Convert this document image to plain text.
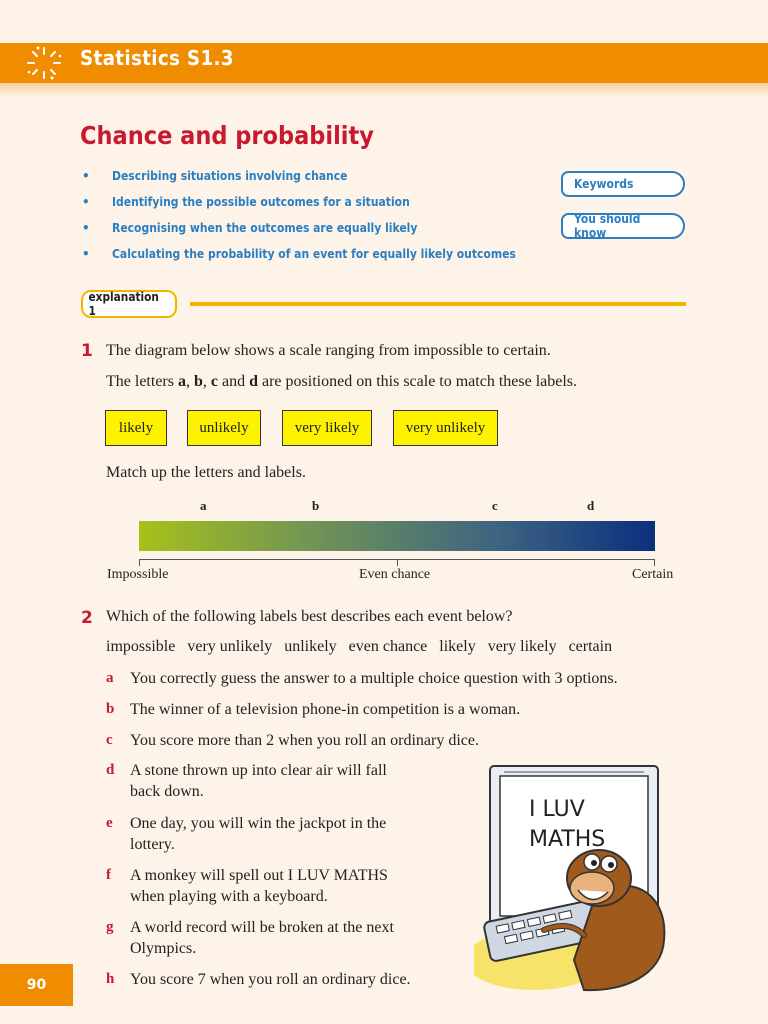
Statistics S1.3
Chance and probability
•	Describing situations involving chance
•	Identifying the possible outcomes for a situation
•	Recognising when the outcomes are equally likely
•	Calculating the probability of an event for equally likely outcomes
Keywords
You should know
explanation 1
1 The diagram below shows a scale ranging from impossible to certain.
The letters a, b, c and d are positioned on this scale to match these labels.
likely	unlikely	very likely	very unlikely
Match up the letters and labels.
a	b	c	d
Impossible	Even chance	Certain
2 Which of the following labels best describes each event below?
impossible very unlikely unlikely even chance likely very likely certain
a You correctly guess the answer to a multiple choice question with 3 options.
b The winner of a television phone-in competition is a woman.
c You score more than 2 when you roll an ordinary dice.
d A stone thrown up into clear air will fall
back down.
e One day, you will win the jackpot in the
lottery.
f A monkey will spell out I LUV MATHS
when playing with a keyboard.
g A world record will be broken at the next
Olympics.
h You score 7 when you roll an ordinary dice.
I LUV
MATHS
90
